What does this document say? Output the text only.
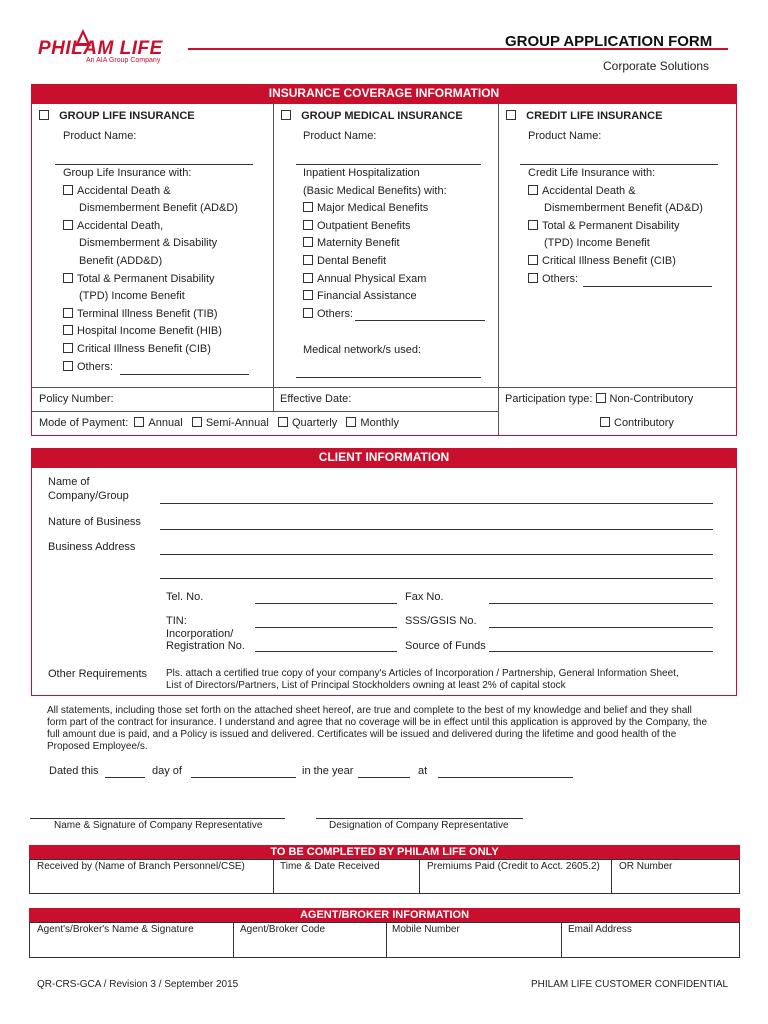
PHILAM LIFE
An AIA Group Company
GROUP APPLICATION FORM
Corporate Solutions
INSURANCE COVERAGE INFORMATION
GROUP LIFE INSURANCE
Product Name:
Group Life Insurance with:
Accidental Death &
Dismemberment Benefit (AD&D)
Accidental Death,
Dismemberment & Disability
Benefit (ADD&D)
Total & Permanent Disability
(TPD) Income Benefit
Terminal Illness Benefit (TIB)
Hospital Income Benefit (HIB)
Critical Illness Benefit (CIB)
Others:
GROUP MEDICAL INSURANCE
Product Name:
Inpatient Hospitalization
(Basic Medical Benefits) with:
Major Medical Benefits
Outpatient Benefits
Maternity Benefit
Dental Benefit
Annual Physical Exam
Financial Assistance
Others:
Medical network/s used:
CREDIT LIFE INSURANCE
Product Name:
Credit Life Insurance with:
Accidental Death &
Dismemberment Benefit (AD&D)
Total & Permanent Disability
(TPD) Income Benefit
Critical Illness Benefit (CIB)
Others:
Policy Number:	Effective Date:	Participation type: Non-Contributory
Contributory
Mode of Payment: Annual Semi-Annual Quarterly Monthly
CLIENT INFORMATION
Name of
Company/Group
Nature of Business
Business Address
Tel. No.	Fax No.
TIN:	SSS/GSIS No.
Incorporation/
Registration No.	Source of Funds
Other Requirements Pls. attach a certified true copy of your company's Articles of Incorporation / Partnership, General Information Sheet,
List of Directors/Partners, List of Principal Stockholders owning at least 2% of capital stock
All statements, including those set forth on the attached sheet hereof, are true and complete to the best of my knowledge and belief and they shall
form part of the contract for insurance. I understand and agree that no coverage will be in effect until this application is approved by the Company, the
full amount due is paid, and a Policy is issued and delivered. Certificates will be issued and delivered during the lifetime and good health of the
Proposed Employee/s.
Dated this	day of	in the year	at
Name & Signature of Company Representative	Designation of Company Representative
TO BE COMPLETED BY PHILAM LIFE ONLY
Received by (Name of Branch Personnel/CSE)	Time & Date Received	Premiums Paid (Credit to Acct. 2605.2) OR Number
AGENT/BROKER INFORMATION
Agent's/Broker's Name & Signature	Agent/Broker Code	Mobile Number	Email Address
QR-CRS-GCA / Revision 3 / September 2015	PHILAM LIFE CUSTOMER CONFIDENTIAL
